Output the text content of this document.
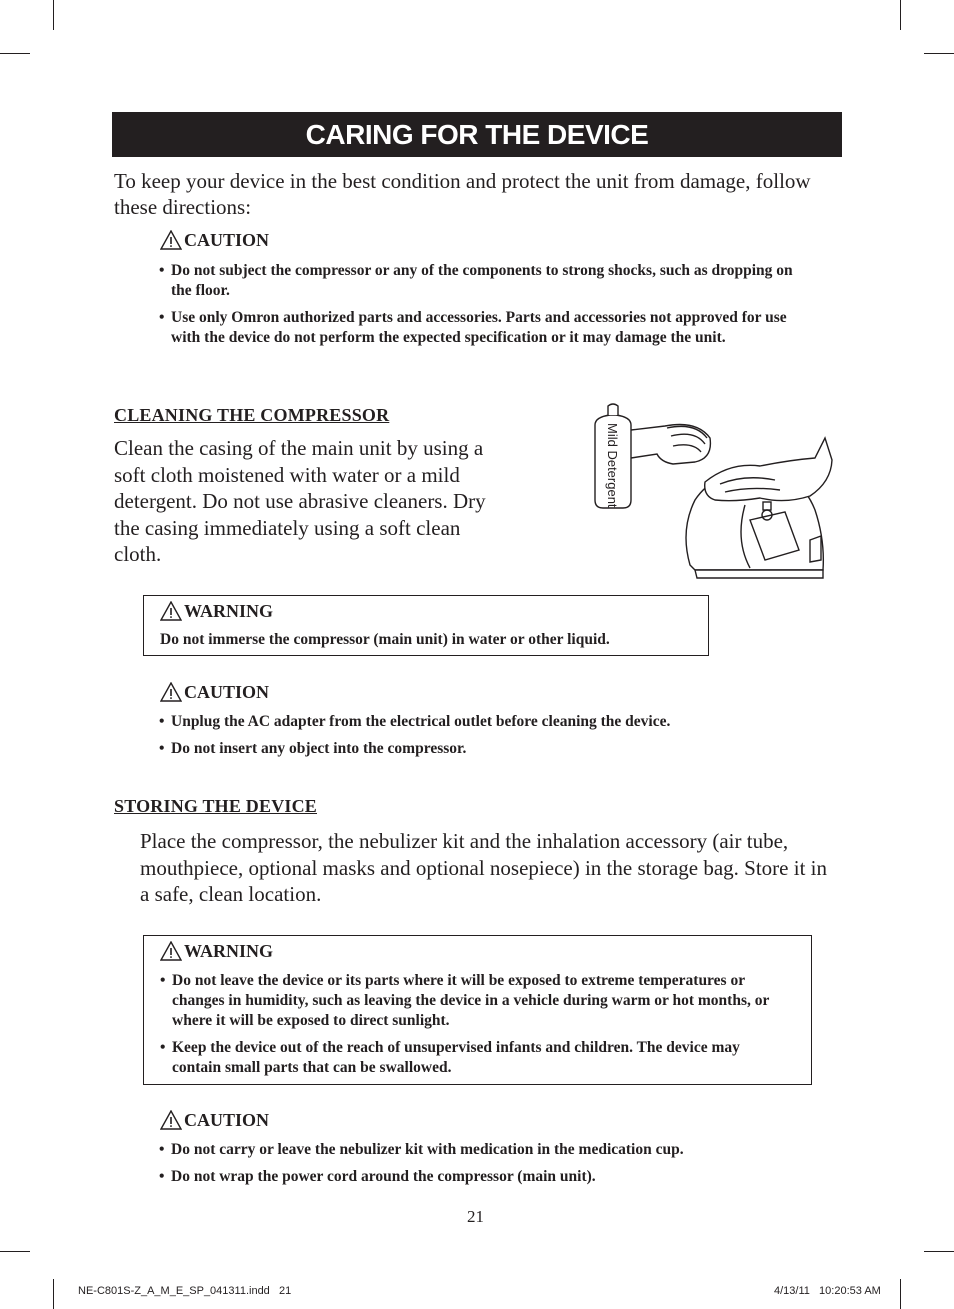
CARING FOR THE DEVICE
To keep your device in the best condition and protect the unit from damage, follow these directions:
CAUTION
• Do not subject the compressor or any of the components to strong shocks, such as dropping on the floor.
• Use only Omron authorized parts and accessories. Parts and accessories not approved for use with the device do not perform the expected specification or it may damage the unit.
CLEANING THE COMPRESSOR
Clean the casing of the main unit by using a soft cloth moistened with water or a mild detergent. Do not use abrasive cleaners. Dry the casing immediately using a soft clean cloth.
Mild Detergent
WARNING
Do not immerse the compressor (main unit) in water or other liquid.
CAUTION
• Unplug the AC adapter from the electrical outlet before cleaning the device.
• Do not insert any object into the compressor.
STORING THE DEVICE
Place the compressor, the nebulizer kit and the inhalation accessory (air tube, mouthpiece, optional masks and optional nosepiece) in the storage bag. Store it in a safe, clean location.
WARNING
• Do not leave the device or its parts where it will be exposed to extreme temperatures or changes in humidity, such as leaving the device in a vehicle during warm or hot months, or where it will be exposed to direct sunlight.
• Keep the device out of the reach of unsupervised infants and children. The device may contain small parts that can be swallowed.
CAUTION
• Do not carry or leave the nebulizer kit with medication in the medication cup.
• Do not wrap the power cord around the compressor (main unit).
21
NE-C801S-Z_A_M_E_SP_041311.indd   21	4/13/11   10:20:53 AM
